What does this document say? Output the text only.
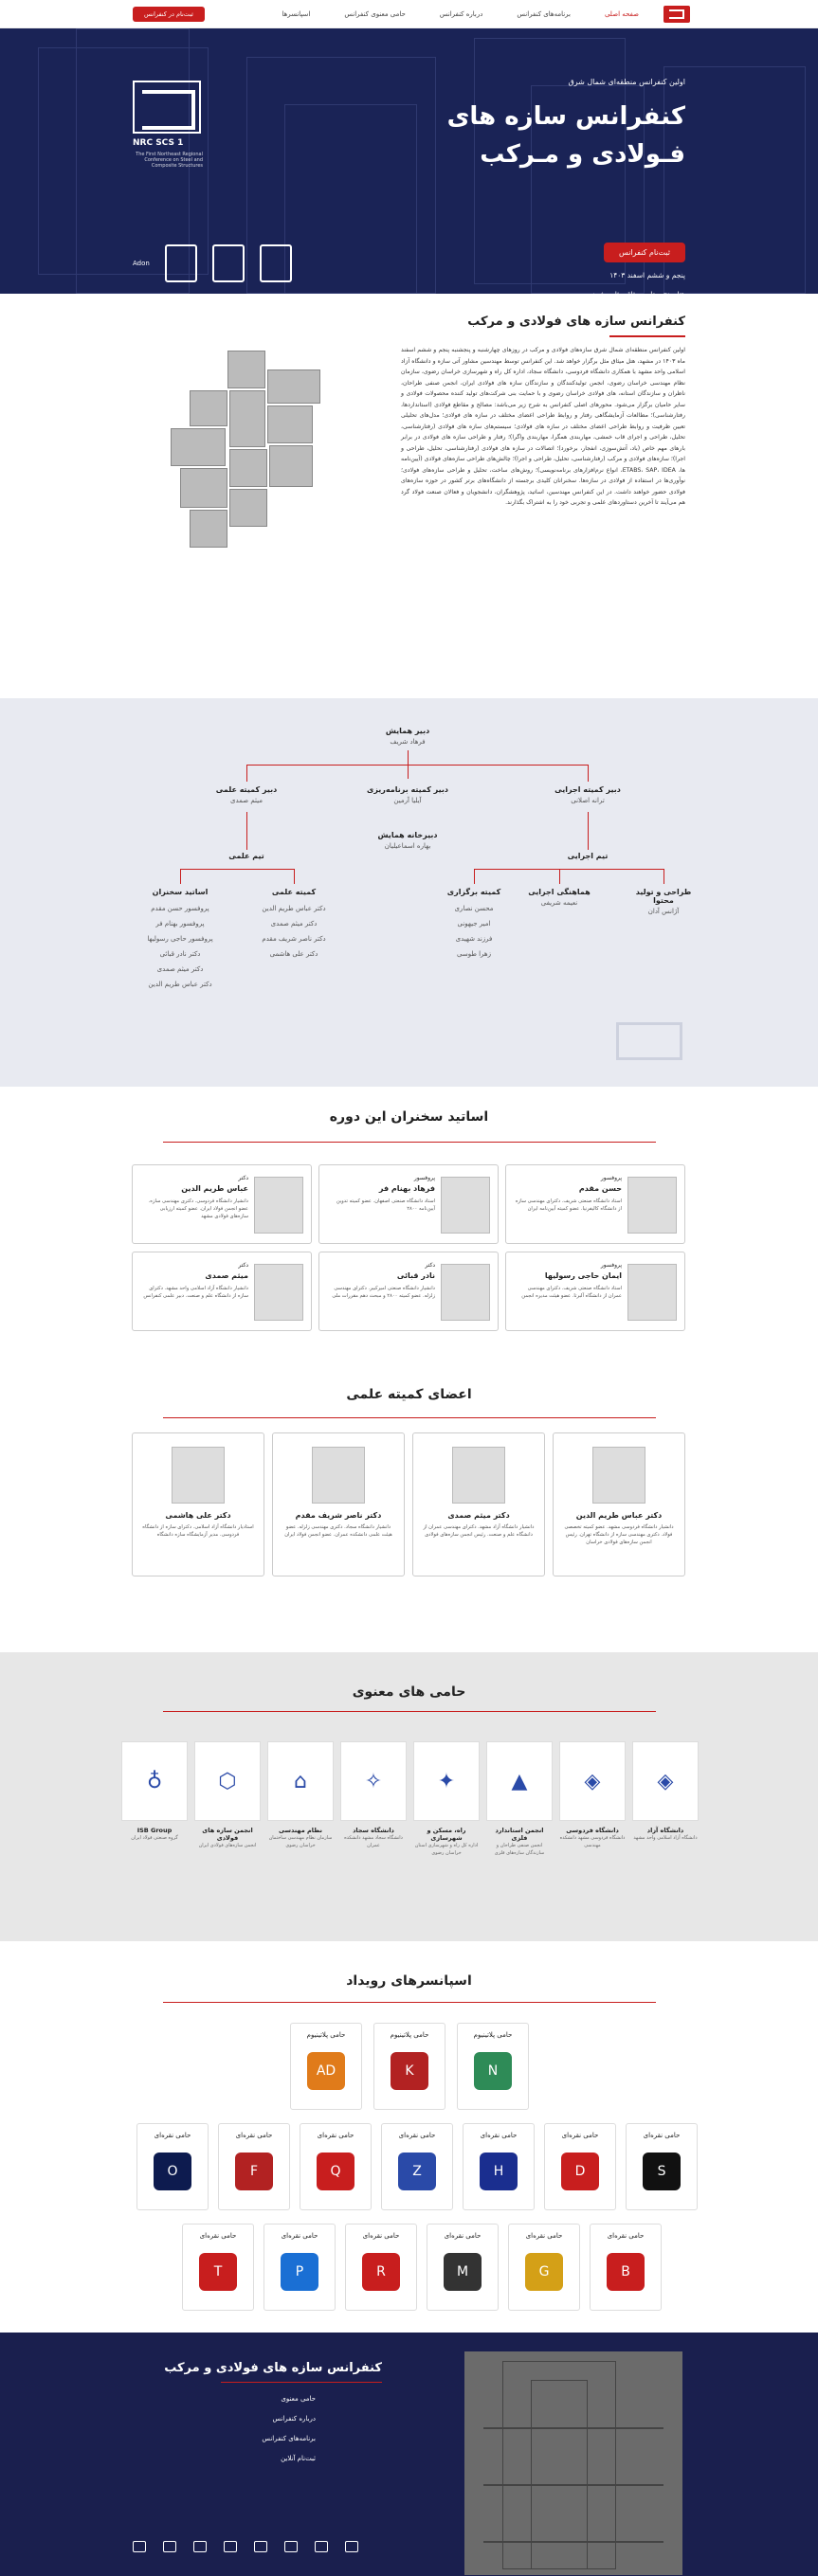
صفحه اصلی
برنامه‌های کنفرانس
درباره کنفرانس
حامی معنوی کنفرانس
اسپانسرها
ثبت‌نام در کنفرانس
اولین کنفرانس منطقه‌ای شمال شرق
کنفرانس سازه‌ های
فـولادی و مـرکب
ثبت‌نام کنفرانس
پنجم و ششم اسفند ۱۴۰۳
هتل پنج ستاره میثاق مثل مشهد
1 NRC SCS
The First Northeast Regional Conference on Steel and Composite Structures
Adon
کنفرانس سازه های فولادی و مرکب
اولین کنفرانس منطقه‌ای شمال شرق سازه‌های فولادی و مرکب در روزهای چهارشنبه و پنجشنبه پنجم و ششم اسفند ماه ۱۴۰۳ در مشهد، هتل میثاق مثل برگزار خواهد شد. این کنفرانس توسط مهندسین مشاور آتی سازه و دانشگاه آزاد اسلامی واحد مشهد با همکاری دانشگاه فردوسی، دانشگاه سجاد، اداره کل راه و شهرسازی خراسان رضوی، سازمان نظام مهندسی خراسان رضوی، انجمن تولیدکنندگان و سازندگان سازه های فولادی ایران، انجمن صنفی طراحان، ناظران و سازندگان استانه، های فولادی خراسان رضوی و با حمایت بنی شرکت‌های تولید کننده محصولات فولادی و سایر حامیان برگزار می‌شود. محورهای اصلی کنفرانس به شرح زیر می‌باشد: مصالح و مقاطع فولادی (استانداردها، رفتارشناسی)؛ مطالعات آزمایشگاهی رفتار و روابط طراحی اعضای مختلف در سازه های فولادی؛ مدل‌های تحلیلی تعیین ظرفیت و روابط طراحی اعضای مختلف در سازه های فولادی؛ سیستم‌های سازه های فولادی (رفتارشناسی، تحلیل، طراحی و اجرای قاب خمشی، مهاربندی همگرا، مهاربندی واگرا)؛ رفتار و طراحی سازه های فولادی در برابر بارهای مهم خاص (باد، آتش‌سوزی، انفجار، برخورد)؛ اتصالات در سازه های فولادی (رفتارشناسی، تحلیل، طراحی و اجرا)؛ سازه‌های فولادی و مرکب (رفتارشناسی، تحلیل، طراحی و اجرا)؛ چالش‌های طراحی سازه‌های فولادی (آیین‌نامه ها، ETABS، SAP، IDEA، انواع نرم‌افزارهای برنامه‌نویسی)؛ روش‌های ساخت، تحلیل و طراحی سازه‌های فولادی؛ نوآوری‌ها در استفاده از فولادی در سازه‌ها. سخنرانان کلیدی برجسته از دانشگاه‌های برتر کشور در حوزه سازه‌های فولادی حضور خواهند داشت. در این کنفرانس مهندسین، اساتید، پژوهشگران، دانشجویان و فعالان صنعت فولاد گرد هم می‌آیند تا آخرین دستاوردهای علمی و تجربی خود را به اشتراک بگذارند.
دبیر همایش
فرهاد شریف
دبیر کمیته اجرایی
ترانه اصلانی
دبیر کمیته برنامه‌ریزی
آیلیا آرمین
دبیر کمیته علمی
میثم صمدی
دبیرخانه همایش
بهاره اسماعیلیان
تیم اجرایی
تیم علمی
طراحی و تولید محتوا
آژانس آدان
هماهنگی اجرایی
نعیمه شریفی
کمیته برگزاری
محسن نصاری
امیر جیهونی
فرزند شهیدی
زهرا طوسی
کمیته علمی
دکتر عباس طریم الدین
دکتر میثم صمدی
دکتر ناصر شریف مقدم
دکتر علی هاشمی
اساتید سخنران
پروفسور حسن مقدم
پروفسور بهنام فر
پروفسور حاجی رسولیها
دکتر نادر قبائی
دکتر میثم صمدی
دکتر عباس طریم الدین
اساتید سخنران این دوره
پروفسور
حسن مقدم
استاد دانشگاه صنعتی شریف. دکترای مهندسی سازه از دانشگاه کالیفرنیا. عضو کمیته آیین‌نامه ایران
پروفسور
فرهاد بهنام فر
استاد دانشگاه صنعتی اصفهان. عضو کمیته تدوین آیین‌نامه ۲۸۰۰
دکتر
عباس طریم الدین
دانشیار دانشگاه فردوسی. دکتری مهندسی سازه. عضو انجمن فولاد ایران. عضو کمیته ارزیابی سازه‌های فولادی مشهد
پروفسور
ایمان حاجی رسولیها
استاد دانشگاه صنعتی شریف. دکترای مهندسی عمران از دانشگاه آلبرتا. عضو هیئت مدیره انجمن
دکتر
نادر قبائی
دانشیار دانشگاه صنعتی امیرکبیر. دکترای مهندسی زلزله. عضو کمیته ۲۸۰۰ و مبحث دهم مقررات ملی
دکتر
میثم صمدی
دانشیار دانشگاه آزاد اسلامی واحد مشهد. دکترای سازه از دانشگاه علم و صنعت. دبیر علمی کنفرانس
اعضای کمیته علمی
دکتر عباس طریم الدین
دانشیار دانشگاه فردوسی مشهد. عضو کمیته تخصصی فولاد. دکتری مهندسی سازه از دانشگاه تهران. رئیس انجمن سازه‌های فولادی خراسان
دکتر میثم صمدی
دانشیار دانشگاه آزاد مشهد. دکترای مهندسی عمران از دانشگاه علم و صنعت. رئیس انجمن سازه‌های فولادی
دکتر ناصر شریف مقدم
دانشیار دانشگاه سجاد. دکتری مهندسی زلزله. عضو هیئت علمی دانشکده عمران. عضو انجمن فولاد ایران
دکتر علی هاشمی
استادیار دانشگاه آزاد اسلامی. دکترای سازه از دانشگاه فردوسی. مدیر آزمایشگاه سازه دانشگاه
حامی های معنوی
◈
دانشگاه آزاد
دانشگاه آزاد اسلامی واحد مشهد
◈
دانشگاه فردوسی
دانشگاه فردوسی مشهد دانشکده مهندسی
▲
انجمن استاندارد فلزی
انجمن صنفی طراحان و سازندگان سازه‌های فلزی
✦
راه، مسکن و شهرسازی
اداره کل راه و شهرسازی استان خراسان رضوی
✧
دانشگاه سجاد
دانشگاه سجاد مشهد دانشکده عمران
⌂
نظام مهندسی
سازمان نظام مهندسی ساختمان خراسان رضوی
⬡
انجمن سازه های فولادی
انجمن سازه‌های فولادی ایران
♁
ISB Group
گروه صنعتی فولاد ایران
اسپانسرهای رویداد
حامی پلاتینیوم
N
حامی پلاتینیوم
K
حامی پلاتینیوم
AD
حامی نقره‌ای
S
حامی نقره‌ای
D
حامی نقره‌ای
H
حامی نقره‌ای
Z
حامی نقره‌ای
Q
حامی نقره‌ای
F
حامی نقره‌ای
O
حامی نقره‌ای
B
حامی نقره‌ای
G
حامی نقره‌ای
M
حامی نقره‌ای
R
حامی نقره‌ای
P
حامی نقره‌ای
T
کنفرانس سازه های فولادی و مرکب
حامی معنوی
درباره کنفرانس
برنامه‌های کنفرانس
ثبت‌نام آنلاین
